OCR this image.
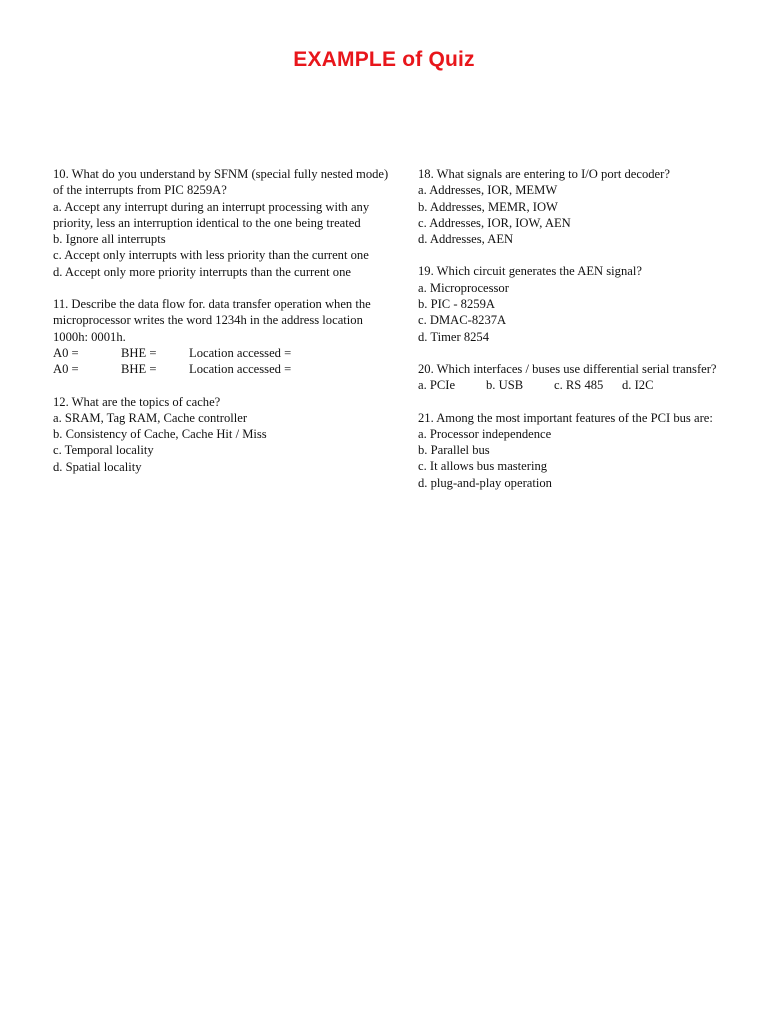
EXAMPLE of Quiz
10. What do you understand by SFNM (special fully nested mode) of the interrupts from PIC 8259A?
a. Accept any interrupt during an interrupt processing with any priority, less an interruption identical to the one being treated
b. Ignore all interrupts
c. Accept only interrupts with less priority than the current one
d. Accept only more priority interrupts than the current one
11. Describe the data flow for. data transfer operation when the microprocessor writes the word 1234h in the address location 1000h: 0001h.
A0 =	BHE =	Location accessed =
A0 =	BHE =	Location accessed =
12. What are the topics of cache?
a. SRAM, Tag RAM, Cache controller
b. Consistency of Cache, Cache Hit / Miss
c. Temporal locality
d. Spatial locality
18. What signals are entering to I/O port decoder?
a. Addresses, IOR, MEMW
b. Addresses, MEMR, IOW
c. Addresses, IOR, IOW, AEN
d. Addresses, AEN
19. Which circuit generates the AEN signal?
a. Microprocessor
b. PIC - 8259A
c. DMAC-8237A
d. Timer 8254
20. Which interfaces / buses use differential serial transfer?
a. PCIe	b. USB	c. RS 485	d. I2C
21. Among the most important features of the PCI bus are:
a. Processor independence
b. Parallel bus
c. It allows bus mastering
d. plug-and-play operation
